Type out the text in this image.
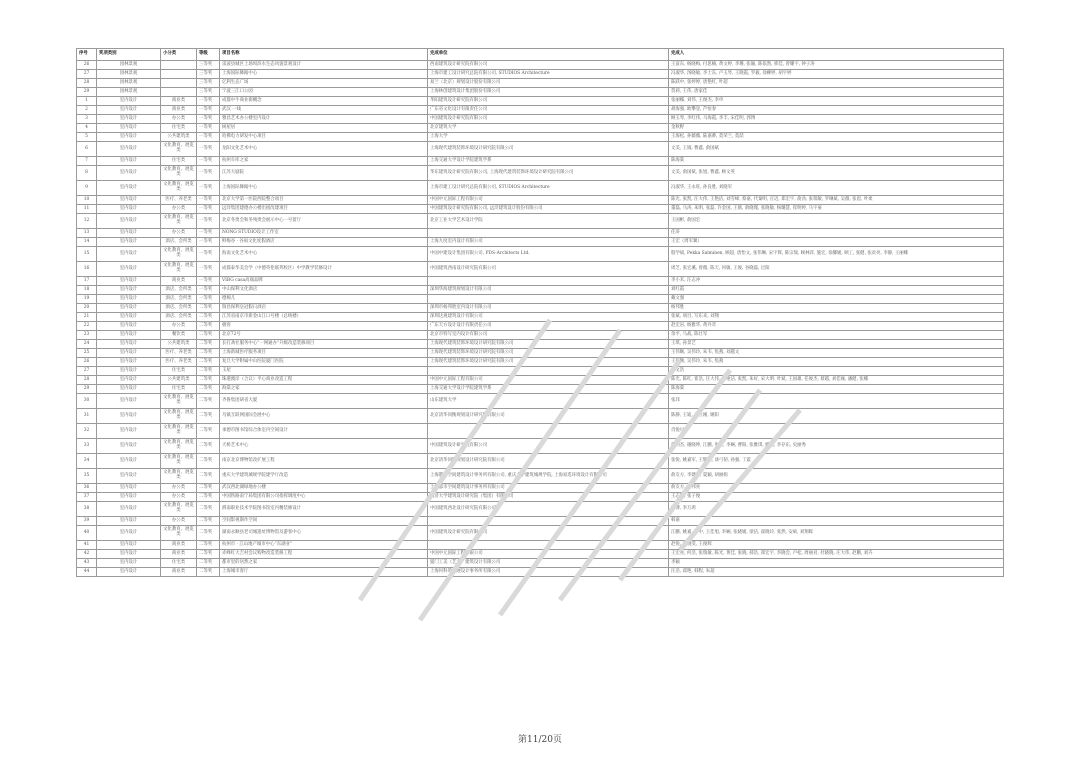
序号	奖项类别	小分类	等级	项目名称	完成单位	完成人
26	园林景观		三等奖	雷波县城区上场坝滨水生态风貌景观设计	西南建筑设计研究院有限公司	王富东, 杨晓梅, 付思楠, 黄文婷, 李珊, 张颖, 陈依然, 邢佳, 曾耀宇, 钟子涛
27	园林景观		三等奖	上海国际舞蹈中心	上海市建工设计研究总院有限公司, STUDIOS Architecture	冯淑华, 汤晓敏, 李士东, 卢玉琴, 王晓霞, 罗毅, 徐柳婷, 胡宇婷
28	园林景观		三等奖	亿利生态广场	易兰（北京）规划设计股份有限公司	陈跃中, 张婷婷, 唐艳红, 叶超
29	园林景观		三等奖	宁波三江口公园	上海林创建筑设计集团股份有限公司	贺莉, 王伟, 唐家佳
1	室内设计	商业类	一等奖	成都中牛商业街概念	华阳建筑设计研究院有限公司	张丽娜, 刘伟, 王俊杰, 李申
2	室内设计	商业类	一等奖	武汉 一线	广东省文化设计有限责任公司	胡海强, 欧攀登, 芦恒春
3	室内设计	办公类	一等奖	雅昌艺术办公楼室内设计	中国建筑设计研究院有限公司	顾玉琴, 李红伟, 马海霞, 李丰, 宋佳明, 郭博
4	室内设计	住宅类	一等奖	树屋居	北京建筑大学	金秋野
5	室内设计	公共建筑类	一等奖	哈佛电力研发中心项目	上海大学	王海松, 孙薇薇, 陆嘉骅, 莫荣兰, 莫喆
6	室内设计	文化教育、展览类	一等奖	龙阳文化艺术中心	上海现代建筑装饰环境设计研究院有限公司	文美, 王钺, 曹鑫, 俞国斌
7	室内设计	住宅类	一等奖	杭州车库之家	上海交通大学设计学院建筑学系	陈海棠
8	室内设计	文化教育、展览类	一等奖	江苏大剧院	华东建筑设计研究院有限公司, 上海现代建筑装饰环境设计研究院有限公司	文美, 俞国斌, 张旭, 曹鑫, 顾文英
9	室内设计	文化教育、展览类	一等奖	上海国际舞蹈中心	上海市建工设计研究总院有限公司, STUDIOS Architecture	冯淑华, 王永旺, 孙良胜, 刘晓军
10	室内设计	医疗、养老类	一等奖	北京大学第一医院西院整合项目	中国中元国际工程有限公司	陈光, 张凯, 汪大伟, 王艳洁, 刘雪峰, 蔡嘉, 代秦明, 庄迈, 郑宏宇, 俞劲, 张瑞敏, 罗琳斌, 吴薇, 张恩, 叶柔
11	室内设计	办公类	一等奖	远洋集团建德办公楼出租改建项目	中国建筑设计研究院有限公司, 远洋建筑设计股份有限公司	董磊, 马涛, 朱明, 张磊, 许金国, 王鹤, 俞晓瑾, 张晓敏, 杨璐慧, 崔明婷, 马宇豪
12	室内设计	文化教育、展览类	一等奖	北京冬奥会和冬残奥会展示中心一号留厅	北京工业大学艺术设计学院	王国彬, 俞国宏
13	室内设计	办公类	一等奖	NONG STUDIO设计工作室		任浒
14	室内设计	酒店、会所类	一等奖	鲜梅谷 · 谷雨文化度假酒店	上海九度室内设计有限公司	王宏（周军翼）
15	室内设计	文化教育、展览类	一等奖	海南文化艺术中心	中国中建设计集团有限公司, PDS-Architects Ltd.	殷学斌, Pekka Salminen, 顾超, 唐怡文, 张伟琳, 宋宇辉, 陈宗瑞, 顾林萍, 施宏, 徐馨媛, 顾工, 张健, 张贫亮, 李静, 王丽娜
16	室内设计	文化教育、展览类	一等奖	成都泰华美会学（中德英伦联邦校区）中学教学装修设计	中国建筑西南设计研究院有限公司	周芝, 张宏溪, 曾薇, 陈天, 何敏, 王俊, 谷晓磊, 过阳
17	室内设计	商业类	一等奖	VIBG casa高端品牌		李小禾, 汪志冲
18	室内设计	酒店、会所类	一等奖	中山保利文化酒店	深圳华海建筑规划设计有限公司	刘红霞
19	室内设计	酒店、会所类	一等奖	德棉儿		戴文强
20	室内设计	酒店、会所类	二等奖	瑞昌保利皇冠假日酒店	深圳市杨邦胜室内设计有限公司	杨邦胜
21	室内设计	酒店、会所类	二等奖	江苏省南京市新金山江口号楼（总统楼）	深圳达观建筑设计有限公司	张斌, 项目, 写东来, 刘翔
22	室内设计	办公类	二等奖	极客	广东天方设计设计有限责任公司	赵宏岩, 杨雅华, 黄丹奇
23	室内设计	餐饮类	二等奖	北京72号	北京市特写室内设计有限公司	余平, 马战, 陈仕军
24	室内设计	公共建筑类	二等奖	长打斋社服务中心“一网通办”升级改造装修项目	上海现代建筑装饰环境设计研究院有限公司	王琪, 孙景艺
25	室内设计	医疗、养老类	二等奖	上海新城医疗服务项目	上海现代建筑装饰环境设计研究院有限公司	王伟顺, 吴伟玲, 朱韦, 焦燕, 刘越文
26	室内设计	医疗、养老类	二等奖	复旦大学附属中山医院厦门医院	上海现代建筑装饰环境设计研究院有限公司	王伟顺, 吴伟玲, 朱韦, 焦燕
27	室内设计	住宅类	二等奖	玉屋		韩文浩
28	室内设计	公共建筑类	二等奖	珠港澳岸（合议）平心商业改造工程	中国中元国际工程有限公司	陈光, 陈红, 崔浩, 汪大伟, 王艳洁, 张凯, 朱好, 宋大明, 叶斌, 王国雄, 任俊杰, 蔡越, 刘佳缘, 潘健, 张娜
29	室内设计	住宅类	二等奖	海棠之家	上海交通大学设计学院建筑学系	陈海棠
30	室内设计	文化教育、展览类	二等奖	齐鲁集团研省大厦	山东建筑大学	张玮
31	室内设计	文化教育、展览类	二等奖	乌镇互联网国际会展中心	北京清华同衡规划设计研究院有限公司	陈静, 王迪, 王立刚, 姬阳
32	室内设计	文化教育、展览类	二等奖	承德市图书馆综合体室内空间设计		肖悦川
33	室内设计	文化教育、展览类	二等奖	天桥艺术中心	中国建筑设计研究院有限公司	张明杰, 谢晓坤, 江鹏, 张哲, 李娴, 曹阳, 张雅琪, 姚瑶, 李存东, 史丽秀
34	室内设计	文化教育、展览类	二等奖	南京北京博物馆改扩展工程	北京清华同衡规划设计研究院有限公司	张悦, 姚嘉军, 王辉杰, 谈弓韧, 孙强, 丁震
35	室内设计	文化教育、展览类	二等奖	重庆大学建筑城规学院建学厅改造	上海都市空间建筑设计事务所有限公司, 重庆大学建筑城规学院, 上海易选环境设计有限公司	俞友方, 李建华, 夏颖, 胡丽娟
36	室内设计	办公类	二等奖	武汉西北湖绿地办公楼	上海都市空间建筑设计事务所有限公司	俞友方, 王邦亮
37	室内设计	办公类	二等奖	中国铁路南宁局集团有限公司指挥调度中心	同济大学建筑设计研究院（集团）有限公司	王志军, 张子俊
38	室内设计	文化教育、展览类	二等奖	渭南职业技术学院图书馆室内精装修设计	中国建筑西北设计研究院有限公司	谢博, 李万鸿
39	室内设计	办公类	二等奖	空间影视制作空间		韩嘉
40	室内设计	文化教育、展览类	二等奖	湖南永顺县老司城遗址博物馆及游客中心	中国建筑设计研究院有限公司	江鹏, 姚嘉, 李中, 王佳旭, 李娴, 张晓媛, 梁洁, 翟晓玲, 张然, 安硕, 刘翔晖
41	室内设计	商业类	二等奖	杭州市 · 江山地产城市中心“东湖业”		赵悦, 张晓雯, 王俊辉
42	室内设计	商业类	二等奖	赤峰红大吉村会议购物改造装修工程	中国中元国际工程有限公司	王宏亮, 何浩, 张瑞敏, 陈光, 黄佳, 张晓, 郝浩, 郑宏宇, 李晓会, 卢松, 周丽君, 杜晓晓, 庄大伟, 赵鹏, 刘卉
43	室内设计	住宅类	二等奖	都市里的居然之家	厦门工美（艺术）建筑设计有限公司	李颖
44	室内设计	商业类	二等奖	上海城市客厅	上海何科筑发展设计事务所有限公司	汪浩, 邱艳, 韩程, 朱超
第11/20页
